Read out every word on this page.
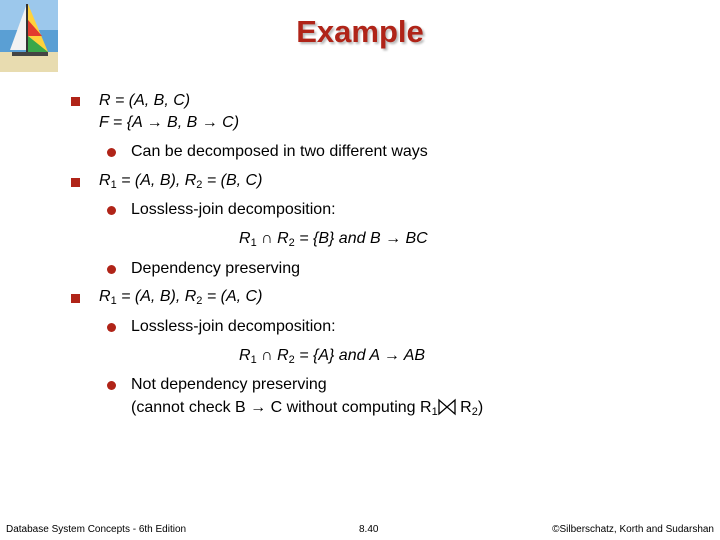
Example
R = (A, B, C)
F = {A → B, B → C)
Can be decomposed in two different ways
$R_1 = (A$, B), $R_2 = (B$, C)
Lossless-join decomposition:
$R_1$ ∩ $R_2 = \{B\}$ and B → BC
Dependency preserving
$R_1 = (A$, B), $R_2 = (A$, C)
Lossless-join decomposition:
$R_1$ ∩ $R_2 = \{A\}$ and A → AB
Not dependency preserving
(cannot check B → C without computing $R_1$ $R_2$)
Database System Concepts - 6th Edition	8.40	©Silberschatz, Korth and Sudarshan
